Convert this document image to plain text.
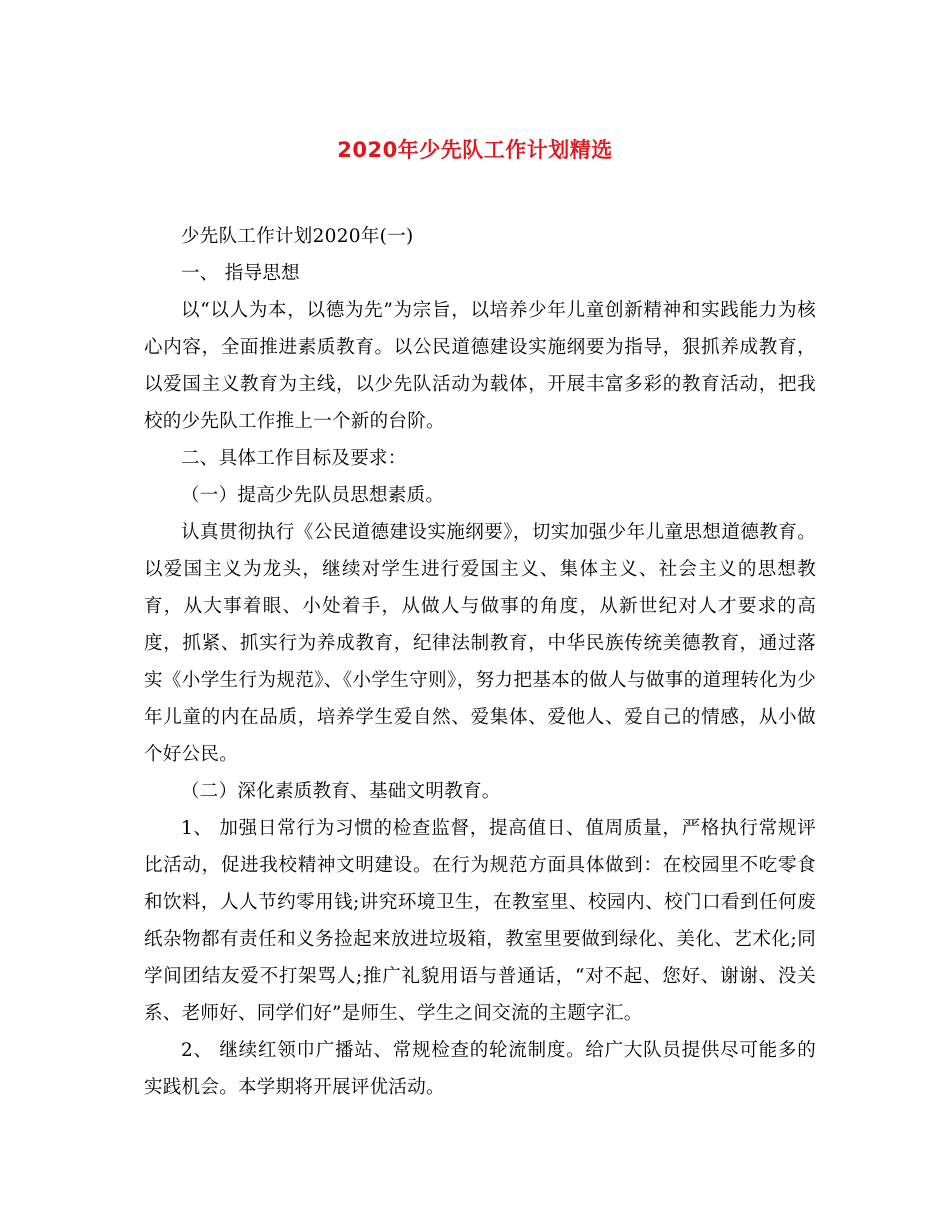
2020年少先队工作计划精选

少先队工作计划2020年(一)

一、 指导思想

以“以人为本，以德为先”为宗旨，以培养少年儿童创新精神和实践能力为核心内容，全面推进素质教育。以公民道德建设实施纲要为指导，狠抓养成教育，以爱国主义教育为主线，以少先队活动为载体，开展丰富多彩的教育活动，把我校的少先队工作推上一个新的台阶。

二、具体工作目标及要求：

（一）提高少先队员思想素质。

认真贯彻执行《公民道德建设实施纲要》，切实加强少年儿童思想道德教育。以爱国主义为龙头，继续对学生进行爱国主义、集体主义、社会主义的思想教育，从大事着眼、小处着手，从做人与做事的角度，从新世纪对人才要求的高度，抓紧、抓实行为养成教育，纪律法制教育，中华民族传统美德教育，通过落实《小学生行为规范》、《小学生守则》，努力把基本的做人与做事的道理转化为少年儿童的内在品质，培养学生爱自然、爱集体、爱他人、爱自己的情感，从小做个好公民。

（二）深化素质教育、基础文明教育。

1、 加强日常行为习惯的检查监督，提高值日、值周质量，严格执行常规评比活动，促进我校精神文明建设。在行为规范方面具体做到：在校园里不吃零食和饮料，人人节约零用钱;讲究环境卫生，在教室里、校园内、校门口看到任何废纸杂物都有责任和义务捡起来放进垃圾箱，教室里要做到绿化、美化、艺术化;同学间团结友爱不打架骂人;推广礼貌用语与普通话，“对不起、您好、谢谢、没关系、老师好、同学们好”是师生、学生之间交流的主题字汇。

2、 继续红领巾广播站、常规检查的轮流制度。给广大队员提供尽可能多的实践机会。本学期将开展评优活动。
